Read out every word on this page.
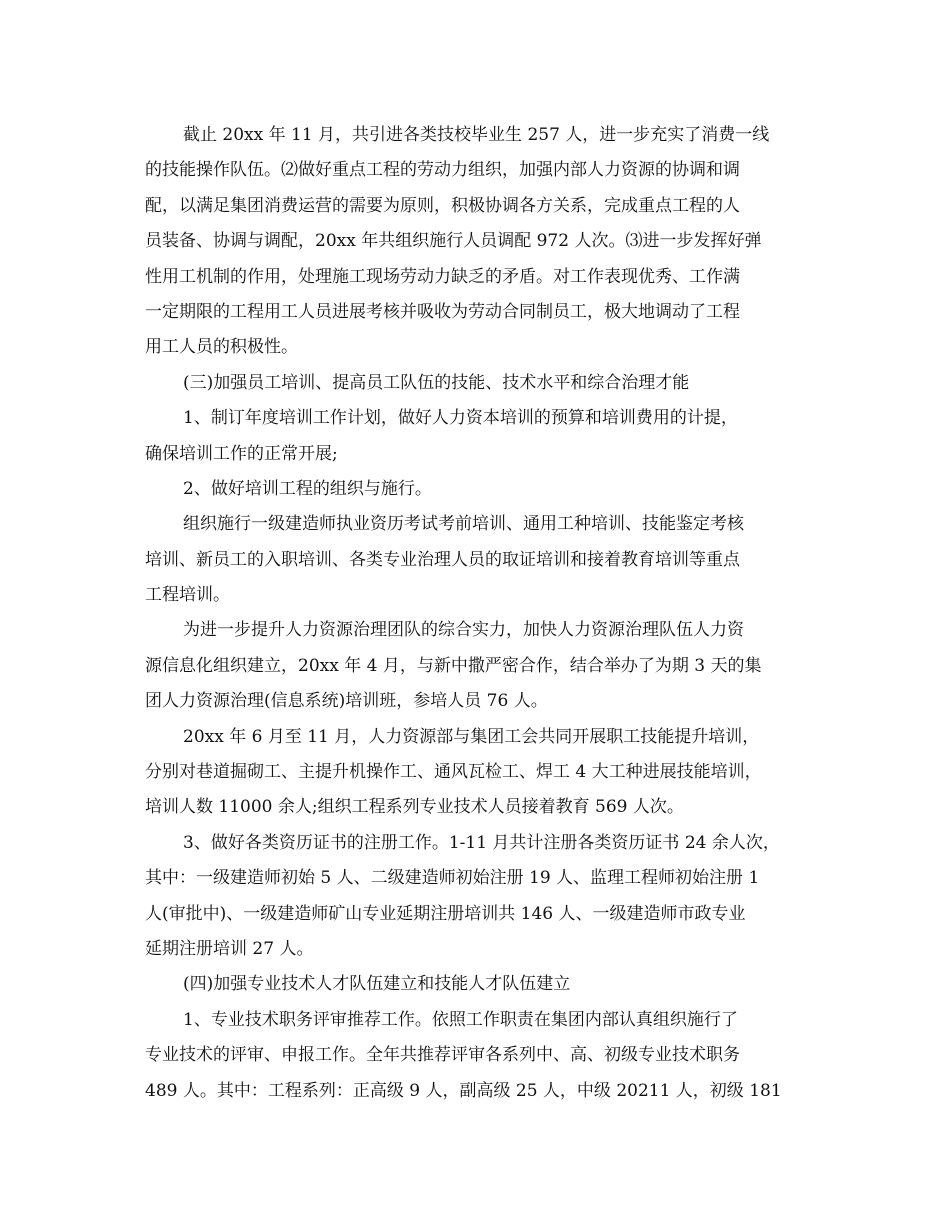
截止 20xx 年 11 月，共引进各类技校毕业生 257 人，进一步充实了消费一线
的技能操作队伍。⑵做好重点工程的劳动力组织，加强内部人力资源的协调和调
配，以满足集团消费运营的需要为原则，积极协调各方关系，完成重点工程的人
员装备、协调与调配，20xx 年共组织施行人员调配 972 人次。⑶进一步发挥好弹
性用工机制的作用，处理施工现场劳动力缺乏的矛盾。对工作表现优秀、工作满
一定期限的工程用工人员进展考核并吸收为劳动合同制员工，极大地调动了工程
用工人员的积极性。
(三)加强员工培训、提高员工队伍的技能、技术水平和综合治理才能
1、制订年度培训工作计划，做好人力资本培训的预算和培训费用的计提，
确保培训工作的正常开展;
2、做好培训工程的组织与施行。
组织施行一级建造师执业资历考试考前培训、通用工种培训、技能鉴定考核
培训、新员工的入职培训、各类专业治理人员的取证培训和接着教育培训等重点
工程培训。
为进一步提升人力资源治理团队的综合实力，加快人力资源治理队伍人力资
源信息化组织建立，20xx 年 4 月，与新中撒严密合作，结合举办了为期 3 天的集
团人力资源治理(信息系统)培训班，参培人员 76 人。
20xx 年 6 月至 11 月，人力资源部与集团工会共同开展职工技能提升培训，
分别对巷道掘砌工、主提升机操作工、通风瓦检工、焊工 4 大工种进展技能培训，
培训人数 11000 余人;组织工程系列专业技术人员接着教育 569 人次。
3、做好各类资历证书的注册工作。1-11 月共计注册各类资历证书 24 余人次，
其中：一级建造师初始 5 人、二级建造师初始注册 19 人、监理工程师初始注册 1
人(审批中)、一级建造师矿山专业延期注册培训共 146 人、一级建造师市政专业
延期注册培训 27 人。
(四)加强专业技术人才队伍建立和技能人才队伍建立
1、专业技术职务评审推荐工作。依照工作职责在集团内部认真组织施行了
专业技术的评审、申报工作。全年共推荐评审各系列中、高、初级专业技术职务
489 人。其中：工程系列：正高级 9 人，副高级 25 人，中级 20211 人，初级 181
